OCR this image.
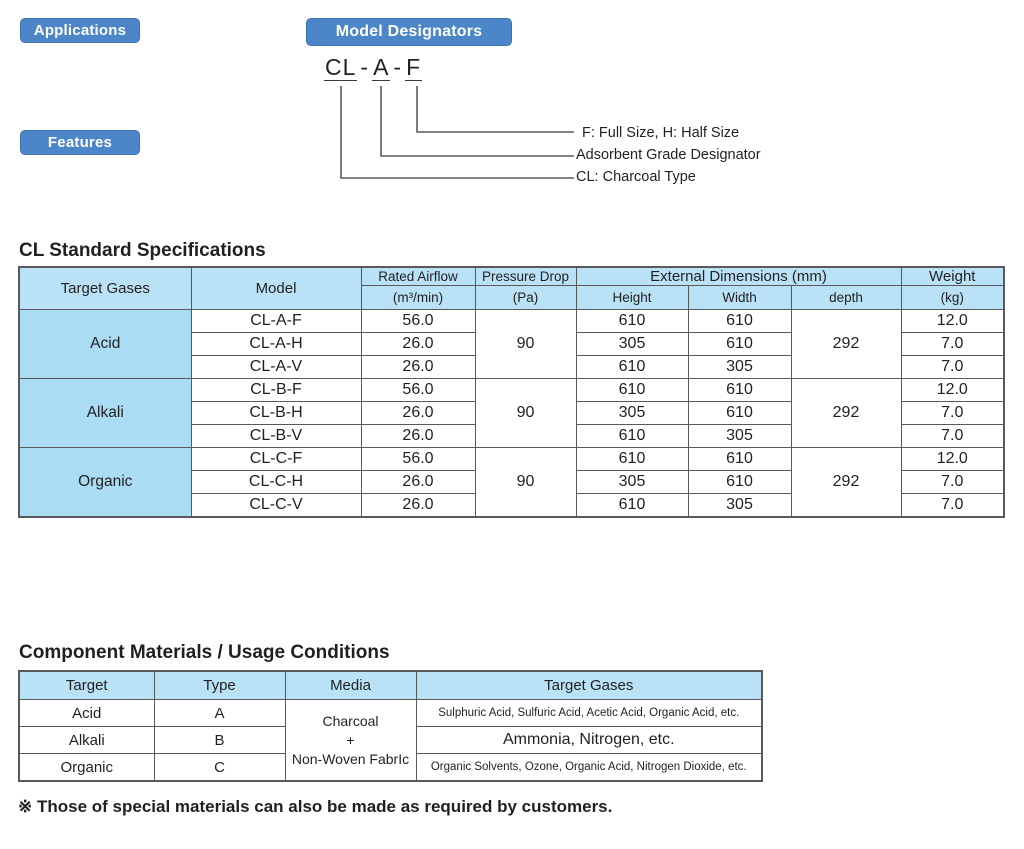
Applications
Features
Model Designators
CL - A - F
F: Full Size, H: Half Size
Adsorbent Grade Designator
CL: Charcoal Type
CL Standard Specifications
Target Gases	Model	Rated Airflow	Pressure Drop	External Dimensions (mm)			Weight
		(m³/min)	(Pa)	Height	Width	depth	(kg)
Acid	CL-A-F	56.0	90	610	610	292	12.0
	CL-A-H	26.0		305	610		7.0
	CL-A-V	26.0		610	305		7.0
Alkali	CL-B-F	56.0	90	610	610	292	12.0
	CL-B-H	26.0		305	610		7.0
	CL-B-V	26.0		610	305		7.0
Organic	CL-C-F	56.0	90	610	610	292	12.0
	CL-C-H	26.0		305	610		7.0
	CL-C-V	26.0		610	305		7.0
Component Materials / Usage Conditions
Target	Type	Media	Target Gases
Acid	A	Charcoal
+
Non-Woven FabrIc	Sulphuric Acid, Sulfuric Acid, Acetic Acid, Organic Acid, etc.
Alkali	B		Ammonia, Nitrogen, etc.
Organic	C		Organic Solvents, Ozone, Organic Acid, Nitrogen Dioxide, etc.
※ Those of special materials can also be made as required by customers.
